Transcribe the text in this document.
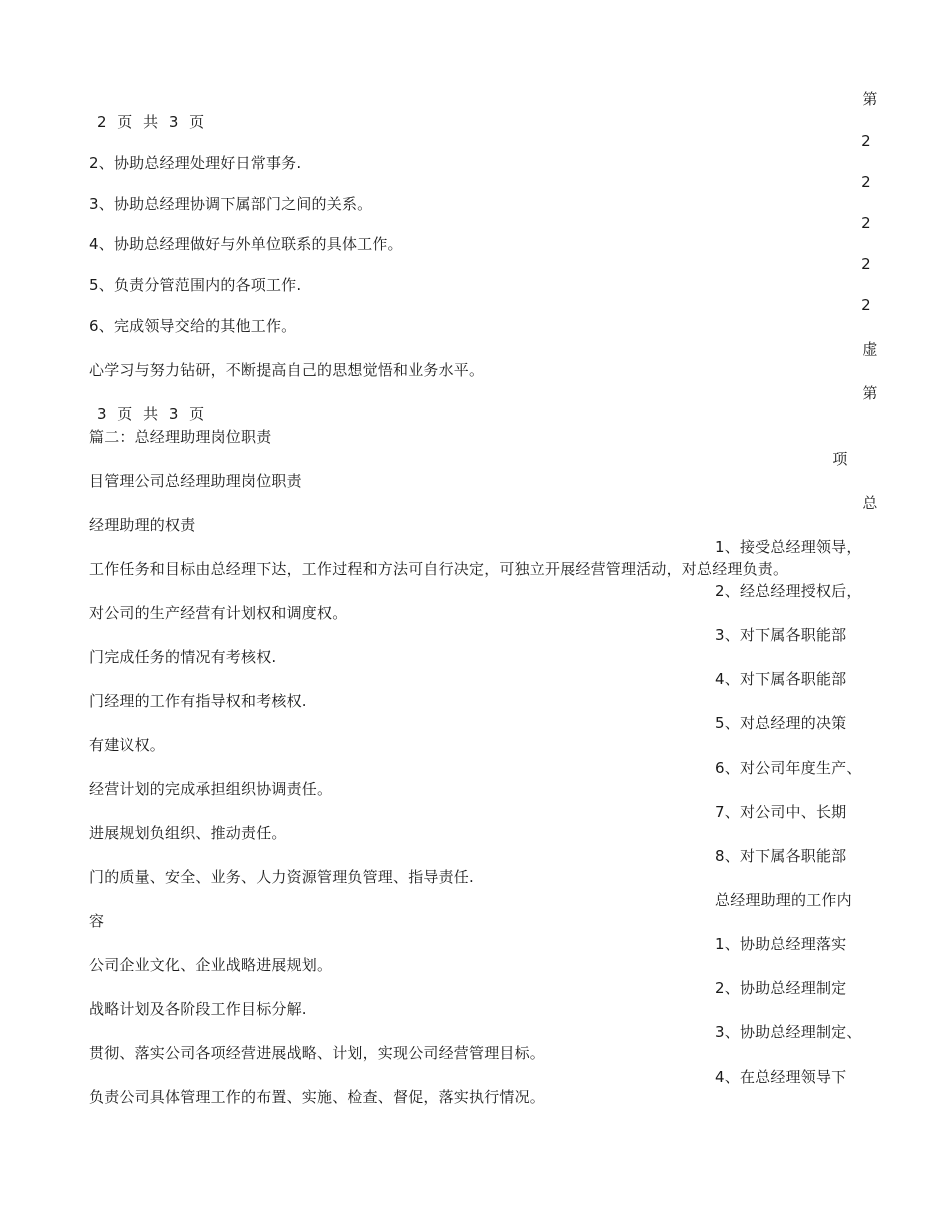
2 页 共 3 页
2、协助总经理处理好日常事务.
3、协助总经理协调下属部门之间的关系。
4、协助总经理做好与外单位联系的具体工作。
5、负责分管范围内的各项工作.
6、完成领导交给的其他工作。
心学习与努力钻研，不断提高自己的思想觉悟和业务水平。
3 页 共 3 页
篇二：总经理助理岗位职责
目管理公司总经理助理岗位职责
经理助理的权责
工作任务和目标由总经理下达，工作过程和方法可自行决定，可独立开展经营管理活动，对总经理负责。
对公司的生产经营有计划权和调度权。
门完成任务的情况有考核权.
门经理的工作有指导权和考核权.
有建议权。
经营计划的完成承担组织协调责任。
进展规划负组织、推动责任。
门的质量、安全、业务、人力资源管理负管理、指导责任.
容
公司企业文化、企业战略进展规划。
战略计划及各阶段工作目标分解.
贯彻、落实公司各项经营进展战略、计划，实现公司经营管理目标。
负责公司具体管理工作的布置、实施、检查、督促，落实执行情况。
第
2
2
2
2
2
虚
第
项
总
1、接受总经理领导，
2、经总经理授权后，
3、对下属各职能部
4、对下属各职能部
5、对总经理的决策
6、对公司年度生产、
7、对公司中、长期
8、对下属各职能部
总经理助理的工作内
1、协助总经理落实
2、协助总经理制定
3、协助总经理制定、
4、在总经理领导下
